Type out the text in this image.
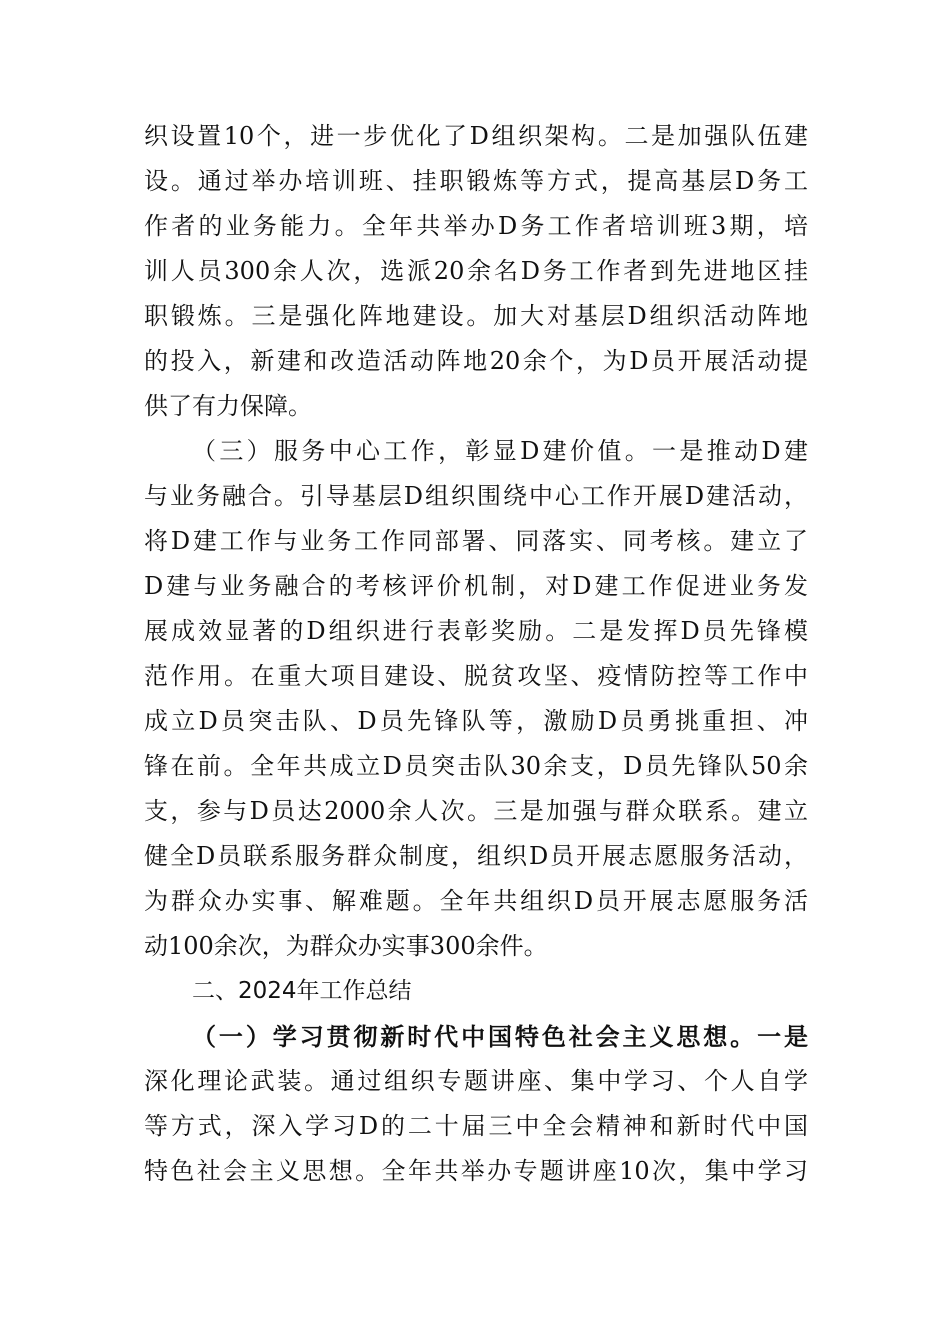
织设置10个，进一步优化了D组织架构。二是加强队伍建
设。通过举办培训班、挂职锻炼等方式，提高基层D务工
作者的业务能力。全年共举办D务工作者培训班3期，培
训人员300余人次，选派20余名D务工作者到先进地区挂
职锻炼。三是强化阵地建设。加大对基层D组织活动阵地
的投入，新建和改造活动阵地20余个，为D员开展活动提
供了有力保障。
（三）服务中心工作，彰显D建价值。一是推动D建
与业务融合。引导基层D组织围绕中心工作开展D建活动，
将D建工作与业务工作同部署、同落实、同考核。建立了
D建与业务融合的考核评价机制，对D建工作促进业务发
展成效显著的D组织进行表彰奖励。二是发挥D员先锋模
范作用。在重大项目建设、脱贫攻坚、疫情防控等工作中
成立D员突击队、D员先锋队等，激励D员勇挑重担、冲
锋在前。全年共成立D员突击队30余支，D员先锋队50余
支，参与D员达2000余人次。三是加强与群众联系。建立
健全D员联系服务群众制度，组织D员开展志愿服务活动，
为群众办实事、解难题。全年共组织D员开展志愿服务活
动100余次，为群众办实事300余件。
二、2024年工作总结
（一）学习贯彻新时代中国特色社会主义思想。一是
深化理论武装。通过组织专题讲座、集中学习、个人自学
等方式，深入学习D的二十届三中全会精神和新时代中国
特色社会主义思想。全年共举办专题讲座10次，集中学习
